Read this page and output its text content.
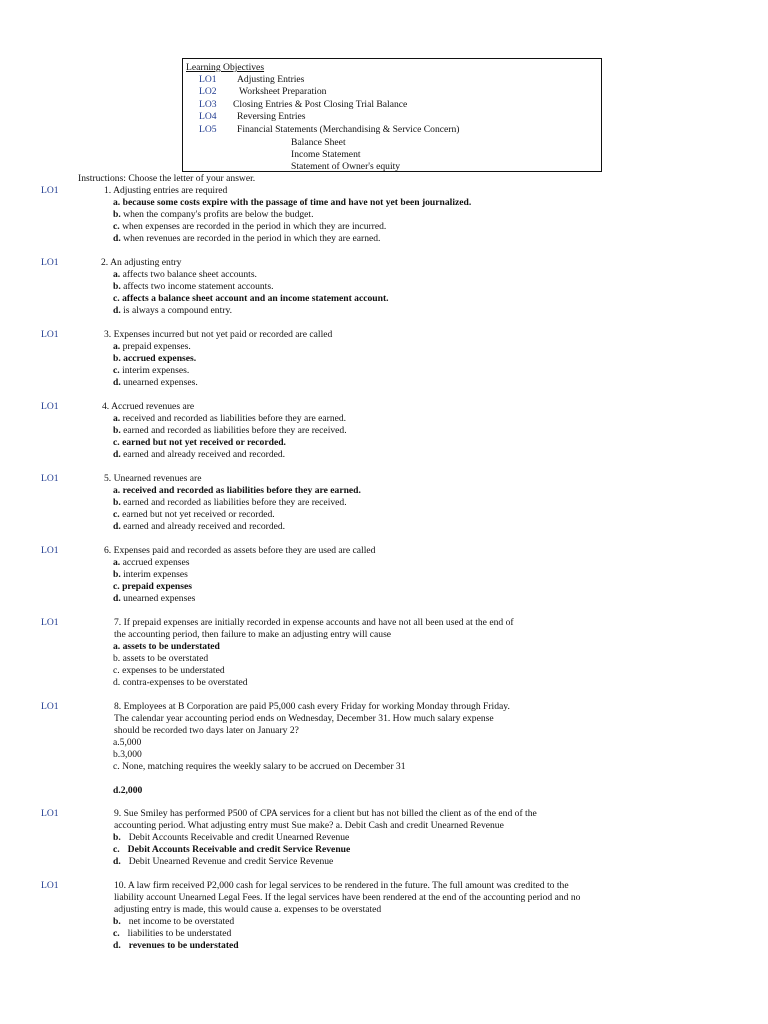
Learning Objectives
LO1 Adjusting Entries
LO2 Worksheet Preparation
LO3 Closing Entries & Post Closing Trial Balance
LO4 Reversing Entries
LO5 Financial Statements (Merchandising & Service Concern)
Balance Sheet
Income Statement
Statement of Owner's equity
Instructions: Choose the letter of your answer.
LO1	1. Adjusting entries are required
a. because some costs expire with the passage of time and have not yet been journalized.
b. when the company's profits are below the budget.
c. when expenses are recorded in the period in which they are incurred.
d. when revenues are recorded in the period in which they are earned.
LO1	2. An adjusting entry
a. affects two balance sheet accounts.
b. affects two income statement accounts.
c. affects a balance sheet account and an income statement account.
d. is always a compound entry.
LO1	3. Expenses incurred but not yet paid or recorded are called
a. prepaid expenses.
b. accrued expenses.
c. interim expenses.
d. unearned expenses.
LO1	4. Accrued revenues are
a. received and recorded as liabilities before they are earned.
b. earned and recorded as liabilities before they are received.
c. earned but not yet received or recorded.
d. earned and already received and recorded.
LO1	5. Unearned revenues are
a. received and recorded as liabilities before they are earned.
b. earned and recorded as liabilities before they are received.
c. earned but not yet received or recorded.
d. earned and already received and recorded.
LO1	6. Expenses paid and recorded as assets before they are used are called
a. accrued expenses
b. interim expenses
c. prepaid expenses
d. unearned expenses
LO1	7. If prepaid expenses are initially recorded in expense accounts and have not all been used at the end of
the accounting period, then failure to make an adjusting entry will cause
a. assets to be understated
b. assets to be overstated
c. expenses to be understated
d. contra-expenses to be overstated
LO1	8. Employees at B Corporation are paid P5,000 cash every Friday for working Monday through Friday.
The calendar year accounting period ends on Wednesday, December 31. How much salary expense
should be recorded two days later on January 2?
a.5,000
b.3,000
c. None, matching requires the weekly salary to be accrued on December 31
d.2,000
LO1	9. Sue Smiley has performed P500 of CPA services for a client but has not billed the client as of the end of the
accounting period. What adjusting entry must Sue make? a. Debit Cash and credit Unearned Revenue
b. Debit Accounts Receivable and credit Unearned Revenue
c. Debit Accounts Receivable and credit Service Revenue
d. Debit Unearned Revenue and credit Service Revenue
LO1	10. A law firm received P2,000 cash for legal services to be rendered in the future. The full amount was credited to the
liability account Unearned Legal Fees. If the legal services have been rendered at the end of the accounting period and no
adjusting entry is made, this would cause a. expenses to be overstated
b. net income to be overstated
c. liabilities to be understated
d. revenues to be understated
